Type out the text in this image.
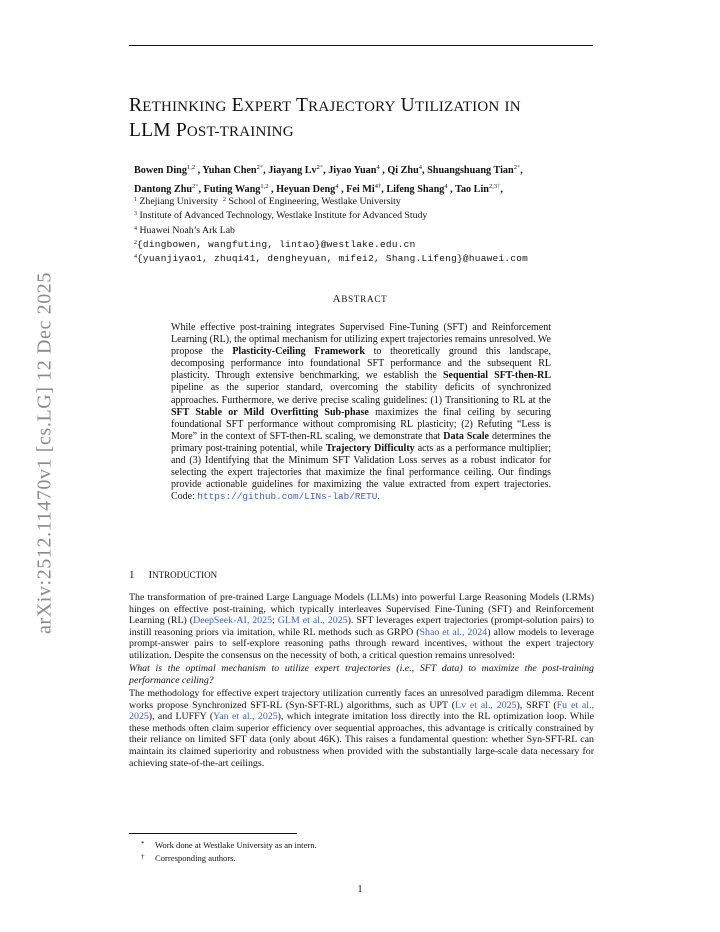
arXiv:2512.11470v1 [cs.LG] 12 Dec 2025
RETHINKING EXPERT TRAJECTORY UTILIZATION IN
LLM POST-TRAINING
Bowen Ding$^{1,2}$ , Yuhan Chen$^{2*}$, Jiayang $Lv^{2*}$, Jiyao Yuan$^4$ , Qi Zhu$^4$, Shuangshuang Tian$^{2*}$,
Dantong Zhu$^{2*}$, Futing Wang$^{1,2}$ , Heyuan Deng$^4$ , Fei $Mi^{4\dagger}$, Lifeng Shang$^4$ , Tao Lin$^{2,3\dagger}$,
$^1$ Zhejiang University $^2$ School of Engineering, Westlake University
$^3$ Institute of Advanced Technology, Westlake Institute for Advanced Study
$^4$ Huawei Noah’s Ark Lab
$^2${dingbowen, wangfuting, lintao}@westlake.edu.cn
$^4${yuanjiyao1, zhuqi41, dengheyuan, mifei2, Shang.Lifeng}@huawei.com
ABSTRACT
While effective post-training integrates Supervised Fine-Tuning (SFT) and Reinforcement Learning (RL), the optimal mechanism for utilizing expert trajectories remains unresolved. We propose the Plasticity-Ceiling Framework to theoretically ground this landscape, decomposing performance into foundational SFT performance and the subsequent RL plasticity. Through extensive benchmarking, we establish the Sequential SFT-then-RL pipeline as the superior standard, overcoming the stability deficits of synchronized approaches. Furthermore, we derive precise scaling guidelines: (1) Transitioning to RL at the SFT Stable or Mild Overfitting Sub-phase maximizes the final ceiling by securing foundational SFT performance without compromising RL plasticity; (2) Refuting “Less is More” in the context of SFT-then-RL scaling, we demonstrate that Data Scale determines the primary post-training potential, while Trajectory Difficulty acts as a performance multiplier; and (3) Identifying that the Minimum SFT Validation Loss serves as a robust indicator for selecting the expert trajectories that maximize the final performance ceiling. Our findings provide actionable guidelines for maximizing the value extracted from expert trajectories. Code: https://github.com/LINs-lab/RETU.
1 INTRODUCTION
The transformation of pre-trained Large Language Models (LLMs) into powerful Large Reasoning Models (LRMs) hinges on effective post-training, which typically interleaves Supervised Fine-Tuning (SFT) and Reinforcement Learning (RL) (DeepSeek-AI, 2025; GLM et al., 2025). SFT leverages expert trajectories (prompt-solution pairs) to instill reasoning priors via imitation, while RL methods such as GRPO (Shao et al., 2024) allow models to leverage prompt-answer pairs to self-explore reasoning paths through reward incentives, without the expert trajectory utilization. Despite the consensus on the necessity of both, a critical question remains unresolved:
What is the optimal mechanism to utilize expert trajectories (i.e., SFT data) to maximize the post-training performance ceiling?
The methodology for effective expert trajectory utilization currently faces an unresolved paradigm dilemma. Recent works propose Synchronized SFT-RL (Syn-SFT-RL) algorithms, such as UPT (Lv et al., 2025), SRFT (Fu et al., 2025), and LUFFY (Yan et al., 2025), which integrate imitation loss directly into the RL optimization loop. While these methods often claim superior efficiency over sequential approaches, this advantage is critically constrained by their reliance on limited SFT data (only about 46K). This raises a fundamental question: whether Syn-SFT-RL can maintain its claimed superiority and robustness when provided with the substantially large-scale data necessary for achieving state-of-the-art ceilings.
* Work done at Westlake University as an intern.
† Corresponding authors.
1
